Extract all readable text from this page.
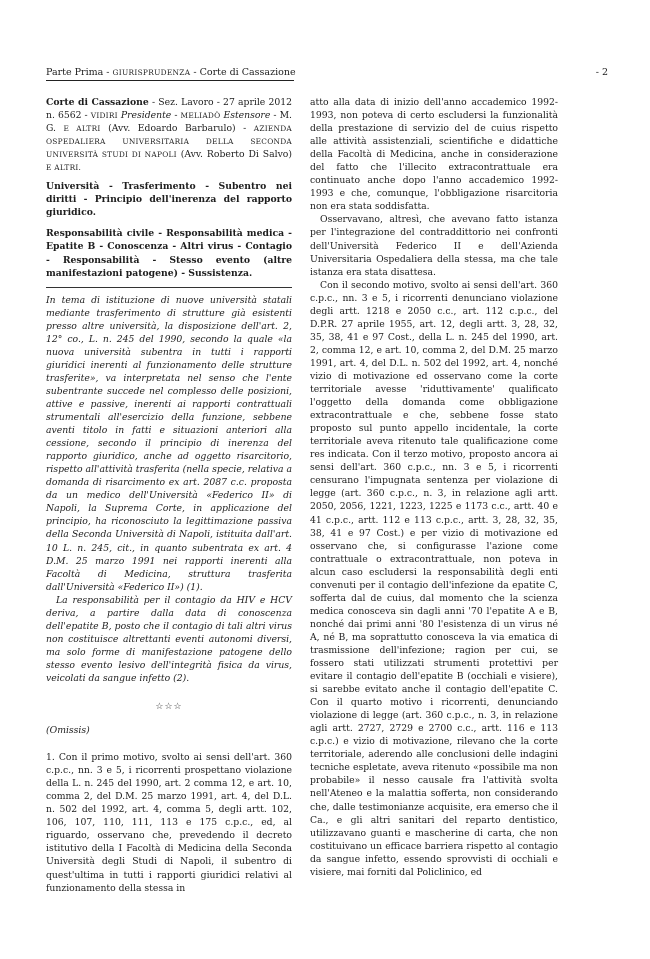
Parte Prima - GIURISPRUDENZA - Corte di Cassazione	- 2

Corte di Cassazione - Sez. Lavoro - 27 aprile 2012 n. 6562 - VIDIRI Presidente - MELIADÒ Estensore - M. G. E ALTRI (Avv. Edoardo Barbarulo) - AZIENDA OSPEDALIERA UNIVERSITARIA DELLA SECONDA UNIVERSITÀ STUDI DI NAPOLI (Avv. Roberto Di Salvo) E ALTRI.

Università - Trasferimento - Subentro nei diritti - Principio dell'inerenza del rapporto giuridico.

Responsabilità civile - Responsabilità medica - Epatite B - Conoscenza - Altri virus - Contagio - Responsabilità - Stesso evento (altre manifestazioni patogene) - Sussistenza.

In tema di istituzione di nuove università statali mediante trasferimento di strutture già esistenti presso altre università, la disposizione dell'art. 2, 12° co., L. n. 245 del 1990, secondo la quale «la nuova università subentra in tutti i rapporti giuridici inerenti al funzionamento delle strutture trasferite», va interpretata nel senso che l'ente subentrante succede nel complesso delle posizioni, attive e passive, inerenti ai rapporti contrattuali strumentali all'esercizio della funzione, sebbene aventi titolo in fatti e situazioni anteriori alla cessione, secondo il principio di inerenza del rapporto giuridico, anche ad oggetto risarcitorio, rispetto all'attività trasferita (nella specie, relativa a domanda di risarcimento ex art. 2087 c.c. proposta da un medico dell'Università «Federico II» di Napoli, la Suprema Corte, in applicazione del principio, ha riconosciuto la legittimazione passiva della Seconda Università di Napoli, istituita dall'art. 10 L. n. 245, cit., in quanto subentrata ex art. 4 D.M. 25 marzo 1991 nei rapporti inerenti alla Facoltà di Medicina, struttura trasferita dall'Università «Federico II») (1).

La responsabilità per il contagio da HIV e HCV deriva, a partire dalla data di conoscenza dell'epatite B, posto che il contagio di tali altri virus non costituisce altrettanti eventi autonomi diversi, ma solo forme di manifestazione patogene dello stesso evento lesivo dell'integrità fisica da virus, veicolati da sangue infetto (2).

☆☆☆
(Omissis)

1. Con il primo motivo, svolto ai sensi dell'art. 360 c.p.c., nn. 3 e 5, i ricorrenti prospettano violazione della L. n. 245 del 1990, art. 2 comma 12, e art. 10, comma 2, del D.M. 25 marzo 1991, art. 4, del D.L. n. 502 del 1992, art. 4, comma 5, degli artt. 102, 106, 107, 110, 111, 113 e 175 c.p.c., ed, al riguardo, osservano che, prevedendo il decreto istitutivo della I Facoltà di Medicina della Seconda Università degli Studi di Napoli, il subentro di quest'ultima in tutti i rapporti giuridici relativi al funzionamento della stessa in

atto alla data di inizio dell'anno accademico 1992-1993, non poteva di certo escludersi la funzionalità della prestazione di servizio del de cuius rispetto alle attività assistenziali, scientifiche e didattiche della Facoltà di Medicina, anche in considerazione del fatto che l'illecito extracontrattuale era continuato anche dopo l'anno accademico 1992-1993 e che, comunque, l'obbligazione risarcitoria non era stata soddisfatta.

Osservavano, altresì, che avevano fatto istanza per l'integrazione del contraddittorio nei confronti dell'Università Federico II e dell'Azienda Universitaria Ospedaliera della stessa, ma che tale istanza era stata disattesa.

Con il secondo motivo, svolto ai sensi dell'art. 360 c.p.c., nn. 3 e 5, i ricorrenti denunciano violazione degli artt. 1218 e 2050 c.c., art. 112 c.p.c., del D.P.R. 27 aprile 1955, art. 12, degli artt. 3, 28, 32, 35, 38, 41 e 97 Cost., della L. n. 245 del 1990, art. 2, comma 12, e art. 10, comma 2, del D.M. 25 marzo 1991, art. 4, del D.L. n. 502 del 1992, art. 4, nonché vizio di motivazione ed osservano come la corte territoriale avesse 'riduttivamente' qualificato l'oggetto della domanda come obbligazione extracontrattuale e che, sebbene fosse stato proposto sul punto appello incidentale, la corte territoriale aveva ritenuto tale qualificazione come res indicata. Con il terzo motivo, proposto ancora ai sensi dell'art. 360 c.p.c., nn. 3 e 5, i ricorrenti censurano l'impugnata sentenza per violazione di legge (art. 360 c.p.c., n. 3, in relazione agli artt. 2050, 2056, 1221, 1223, 1225 e 1173 c.c., artt. 40 e 41 c.p.c., artt. 112 e 113 c.p.c., artt. 3, 28, 32, 35, 38, 41 e 97 Cost.) e per vizio di motivazione ed osservano che, si configurasse l'azione come contrattuale o extracontrattuale, non poteva in alcun caso escludersi la responsabilità degli enti convenuti per il contagio dell'infezione da epatite C, sofferta dal de cuius, dal momento che la scienza medica conosceva sin dagli anni '70 l'epatite A e B, nonché dai primi anni '80 l'esistenza di un virus né A, né B, ma soprattutto conosceva la via ematica di trasmissione dell'infezione; ragion per cui, se fossero stati utilizzati strumenti protettivi per evitare il contagio dell'epatite B (occhiali e visiere), si sarebbe evitato anche il contagio dell'epatite C. Con il quarto motivo i ricorrenti, denunciando violazione di legge (art. 360 c.p.c., n. 3, in relazione agli artt. 2727, 2729 e 2700 c.c., artt. 116 e 113 c.p.c.) e vizio di motivazione, rilevano che la corte territoriale, aderendo alle conclusioni delle indagini tecniche espletate, aveva ritenuto «possibile ma non probabile» il nesso causale fra l'attività svolta nell'Ateneo e la malattia sofferta, non considerando che, dalle testimonianze acquisite, era emerso che il Ca., e gli altri sanitari del reparto dentistico, utilizzavano guanti e mascherine di carta, che non costituivano un efficace barriera rispetto al contagio da sangue infetto, essendo sprovvisti di occhiali e visiere, mai forniti dal Policlinico, ed
